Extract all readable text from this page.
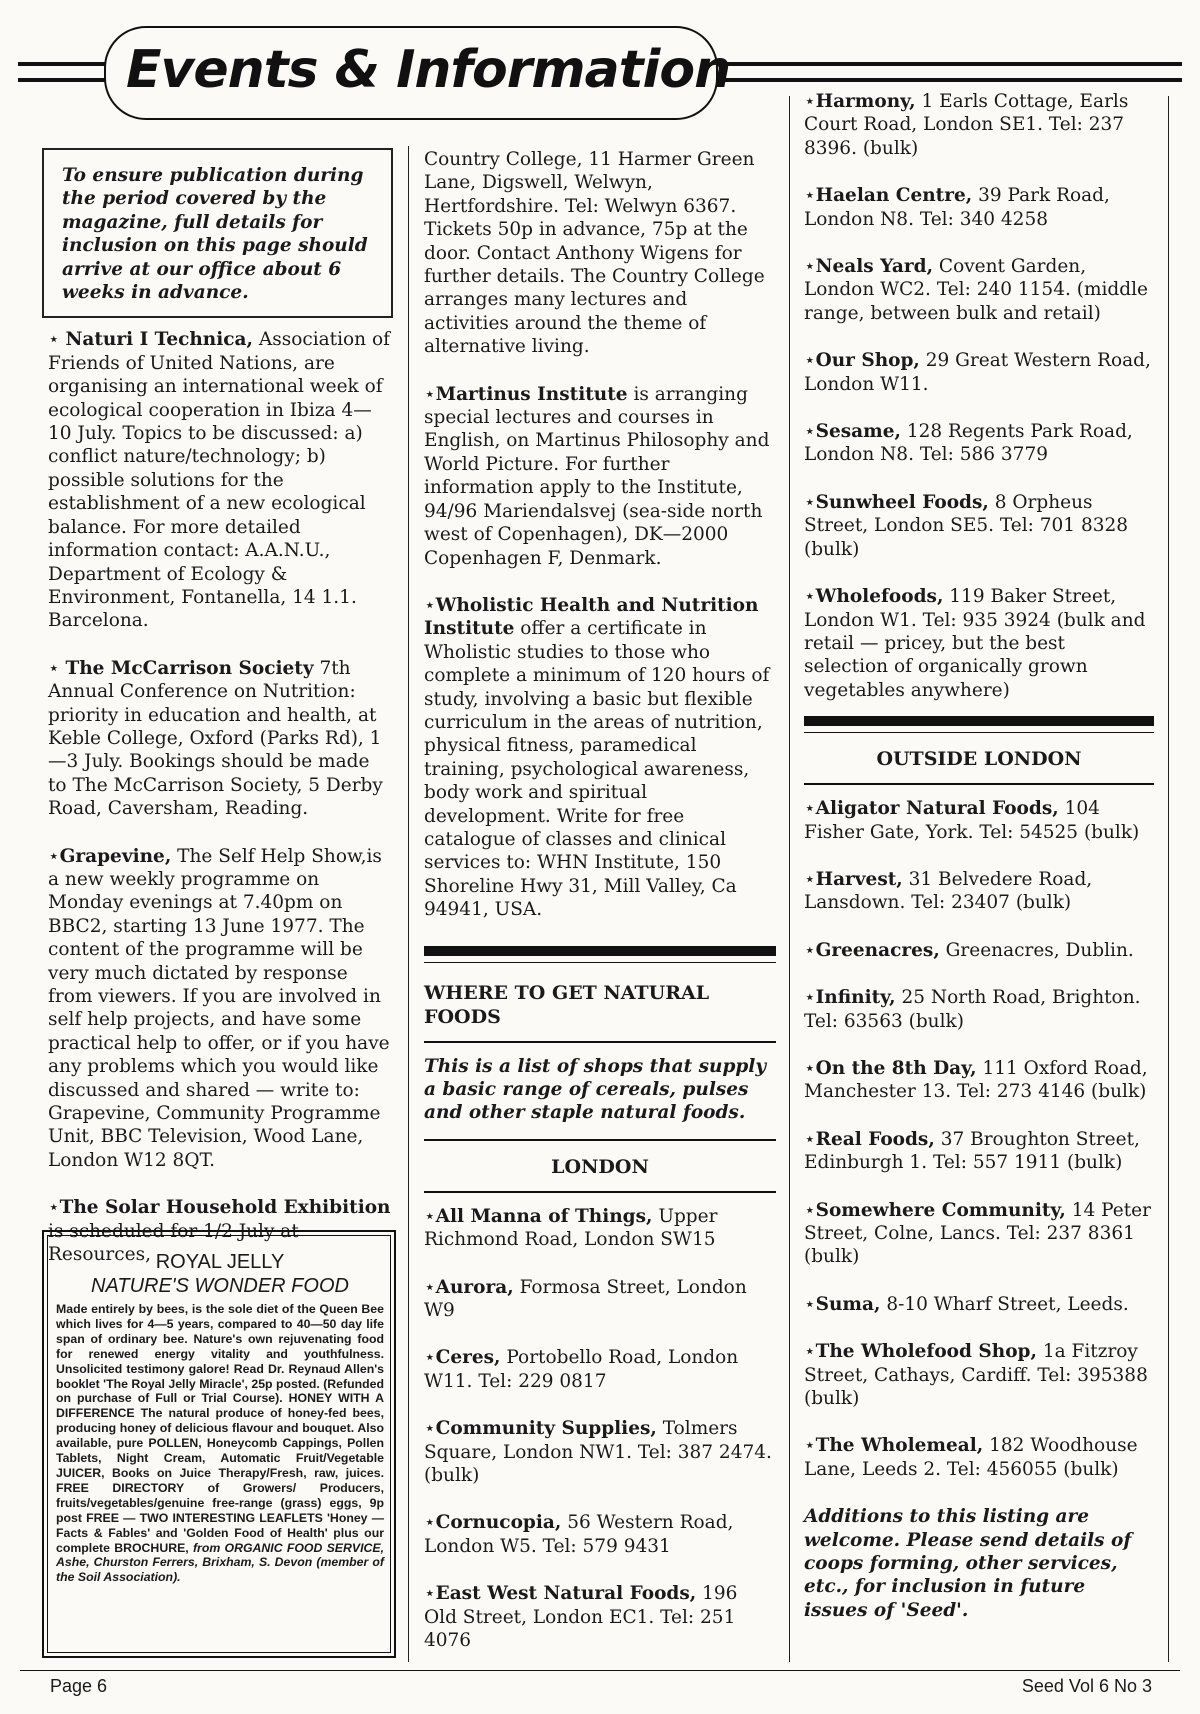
Events & Information
To ensure publication during the period covered by the magazine, full details for inclusion on this page should arrive at our office about 6 weeks in advance.
⋆ Naturi I Technica, Association of Friends of United Nations, are organising an international week of ecological cooperation in Ibiza 4—10 July. Topics to be discussed: a) conflict nature/technology; b) possible solutions for the establishment of a new ecological balance. For more detailed information contact: A.A.N.U., Department of Ecology & Environment, Fontanella, 14 1.1. Barcelona.
⋆ The McCarrison Society 7th Annual Conference on Nutrition: priority in education and health, at Keble College, Oxford (Parks Rd), 1—3 July. Bookings should be made to The McCarrison Society, 5 Derby Road, Caversham, Reading.
⋆Grapevine, The Self Help Show,is a new weekly programme on Monday evenings at 7.40pm on BBC2, starting 13 June 1977. The content of the programme will be very much dictated by response from viewers. If you are involved in self help projects, and have some practical help to offer, or if you have any problems which you would like discussed and shared — write to: Grapevine, Community Programme Unit, BBC Television, Wood Lane, London W12 8QT.
⋆The Solar Household Exhibition is scheduled for 1/2 July at Resources, ROYAL JELLY
NATURE'S WONDER FOOD
Made entirely by bees, is the sole diet of the Queen Bee which lives for 4—5 years, compared to 40—50 day life span of ordinary bee. Nature's own rejuvenating food for renewed energy vitality and youthfulness. Unsolicited testimony galore! Read Dr. Reynaud Allen's booklet 'The Royal Jelly Miracle', 25p posted. (Refunded on purchase of Full or Trial Course). HONEY WITH A DIFFERENCE The natural produce of honey-fed bees, producing honey of delicious flavour and bouquet. Also available, pure POLLEN, Honeycomb Cappings, Pollen Tablets, Night Cream, Automatic Fruit/Vegetable JUICER, Books on Juice Therapy/Fresh, raw, juices. FREE DIRECTORY of Growers/ Producers, fruits/vegetables/genuine free-range (grass) eggs, 9p post FREE — TWO INTERESTING LEAFLETS 'Honey — Facts & Fables' and 'Golden Food of Health' plus our complete BROCHURE, from ORGANIC FOOD SERVICE, Ashe, Churston Ferrers, Brixham, S. Devon (member of the Soil Association).
Country College, 11 Harmer Green Lane, Digswell, Welwyn, Hertfordshire. Tel: Welwyn 6367. Tickets 50p in advance, 75p at the door. Contact Anthony Wigens for further details. The Country College arranges many lectures and activities around the theme of alternative living.
⋆Martinus Institute is arranging special lectures and courses in English, on Martinus Philosophy and World Picture. For further information apply to the Institute, 94/96 Mariendalsvej (sea-side north west of Copenhagen), DK—2000 Copenhagen F, Denmark.
⋆Wholistic Health and Nutrition Institute offer a certificate in Wholistic studies to those who complete a minimum of 120 hours of study, involving a basic but flexible curriculum in the areas of nutrition, physical fitness, paramedical training, psychological awareness, body work and spiritual development. Write for free catalogue of classes and clinical services to: WHN Institute, 150 Shoreline Hwy 31, Mill Valley, Ca 94941, USA.
WHERE TO GET NATURAL FOODS
This is a list of shops that supply a basic range of cereals, pulses and other staple natural foods.
LONDON
⋆All Manna of Things, Upper Richmond Road, London SW15
⋆Aurora, Formosa Street, London W9
⋆Ceres, Portobello Road, London W11. Tel: 229 0817
⋆Community Supplies, Tolmers Square, London NW1. Tel: 387 2474. (bulk)
⋆Cornucopia, 56 Western Road, London W5. Tel: 579 9431
⋆East West Natural Foods, 196 Old Street, London EC1. Tel: 251 4076
⋆Harmony, 1 Earls Cottage, Earls Court Road, London SE1. Tel: 237 8396. (bulk)
⋆Haelan Centre, 39 Park Road, London N8. Tel: 340 4258
⋆Neals Yard, Covent Garden, London WC2. Tel: 240 1154. (middle range, between bulk and retail)
⋆Our Shop, 29 Great Western Road, London W11.
⋆Sesame, 128 Regents Park Road, London N8. Tel: 586 3779
⋆Sunwheel Foods, 8 Orpheus Street, London SE5. Tel: 701 8328 (bulk)
⋆Wholefoods, 119 Baker Street, London W1. Tel: 935 3924 (bulk and retail — pricey, but the best selection of organically grown vegetables anywhere)
OUTSIDE LONDON
⋆Aligator Natural Foods, 104 Fisher Gate, York. Tel: 54525 (bulk)
⋆Harvest, 31 Belvedere Road, Lansdown. Tel: 23407 (bulk)
⋆Greenacres, Greenacres, Dublin.
⋆Infinity, 25 North Road, Brighton. Tel: 63563 (bulk)
⋆On the 8th Day, 111 Oxford Road, Manchester 13. Tel: 273 4146 (bulk)
⋆Real Foods, 37 Broughton Street, Edinburgh 1. Tel: 557 1911 (bulk)
⋆Somewhere Community, 14 Peter Street, Colne, Lancs. Tel: 237 8361 (bulk)
⋆Suma, 8-10 Wharf Street, Leeds.
⋆The Wholefood Shop, 1a Fitzroy Street, Cathays, Cardiff. Tel: 395388 (bulk)
⋆The Wholemeal, 182 Woodhouse Lane, Leeds 2. Tel: 456055 (bulk)
Additions to this listing are welcome. Please send details of coops forming, other services, etc., for inclusion in future issues of 'Seed'.
Page 6	Seed Vol 6 No 3
